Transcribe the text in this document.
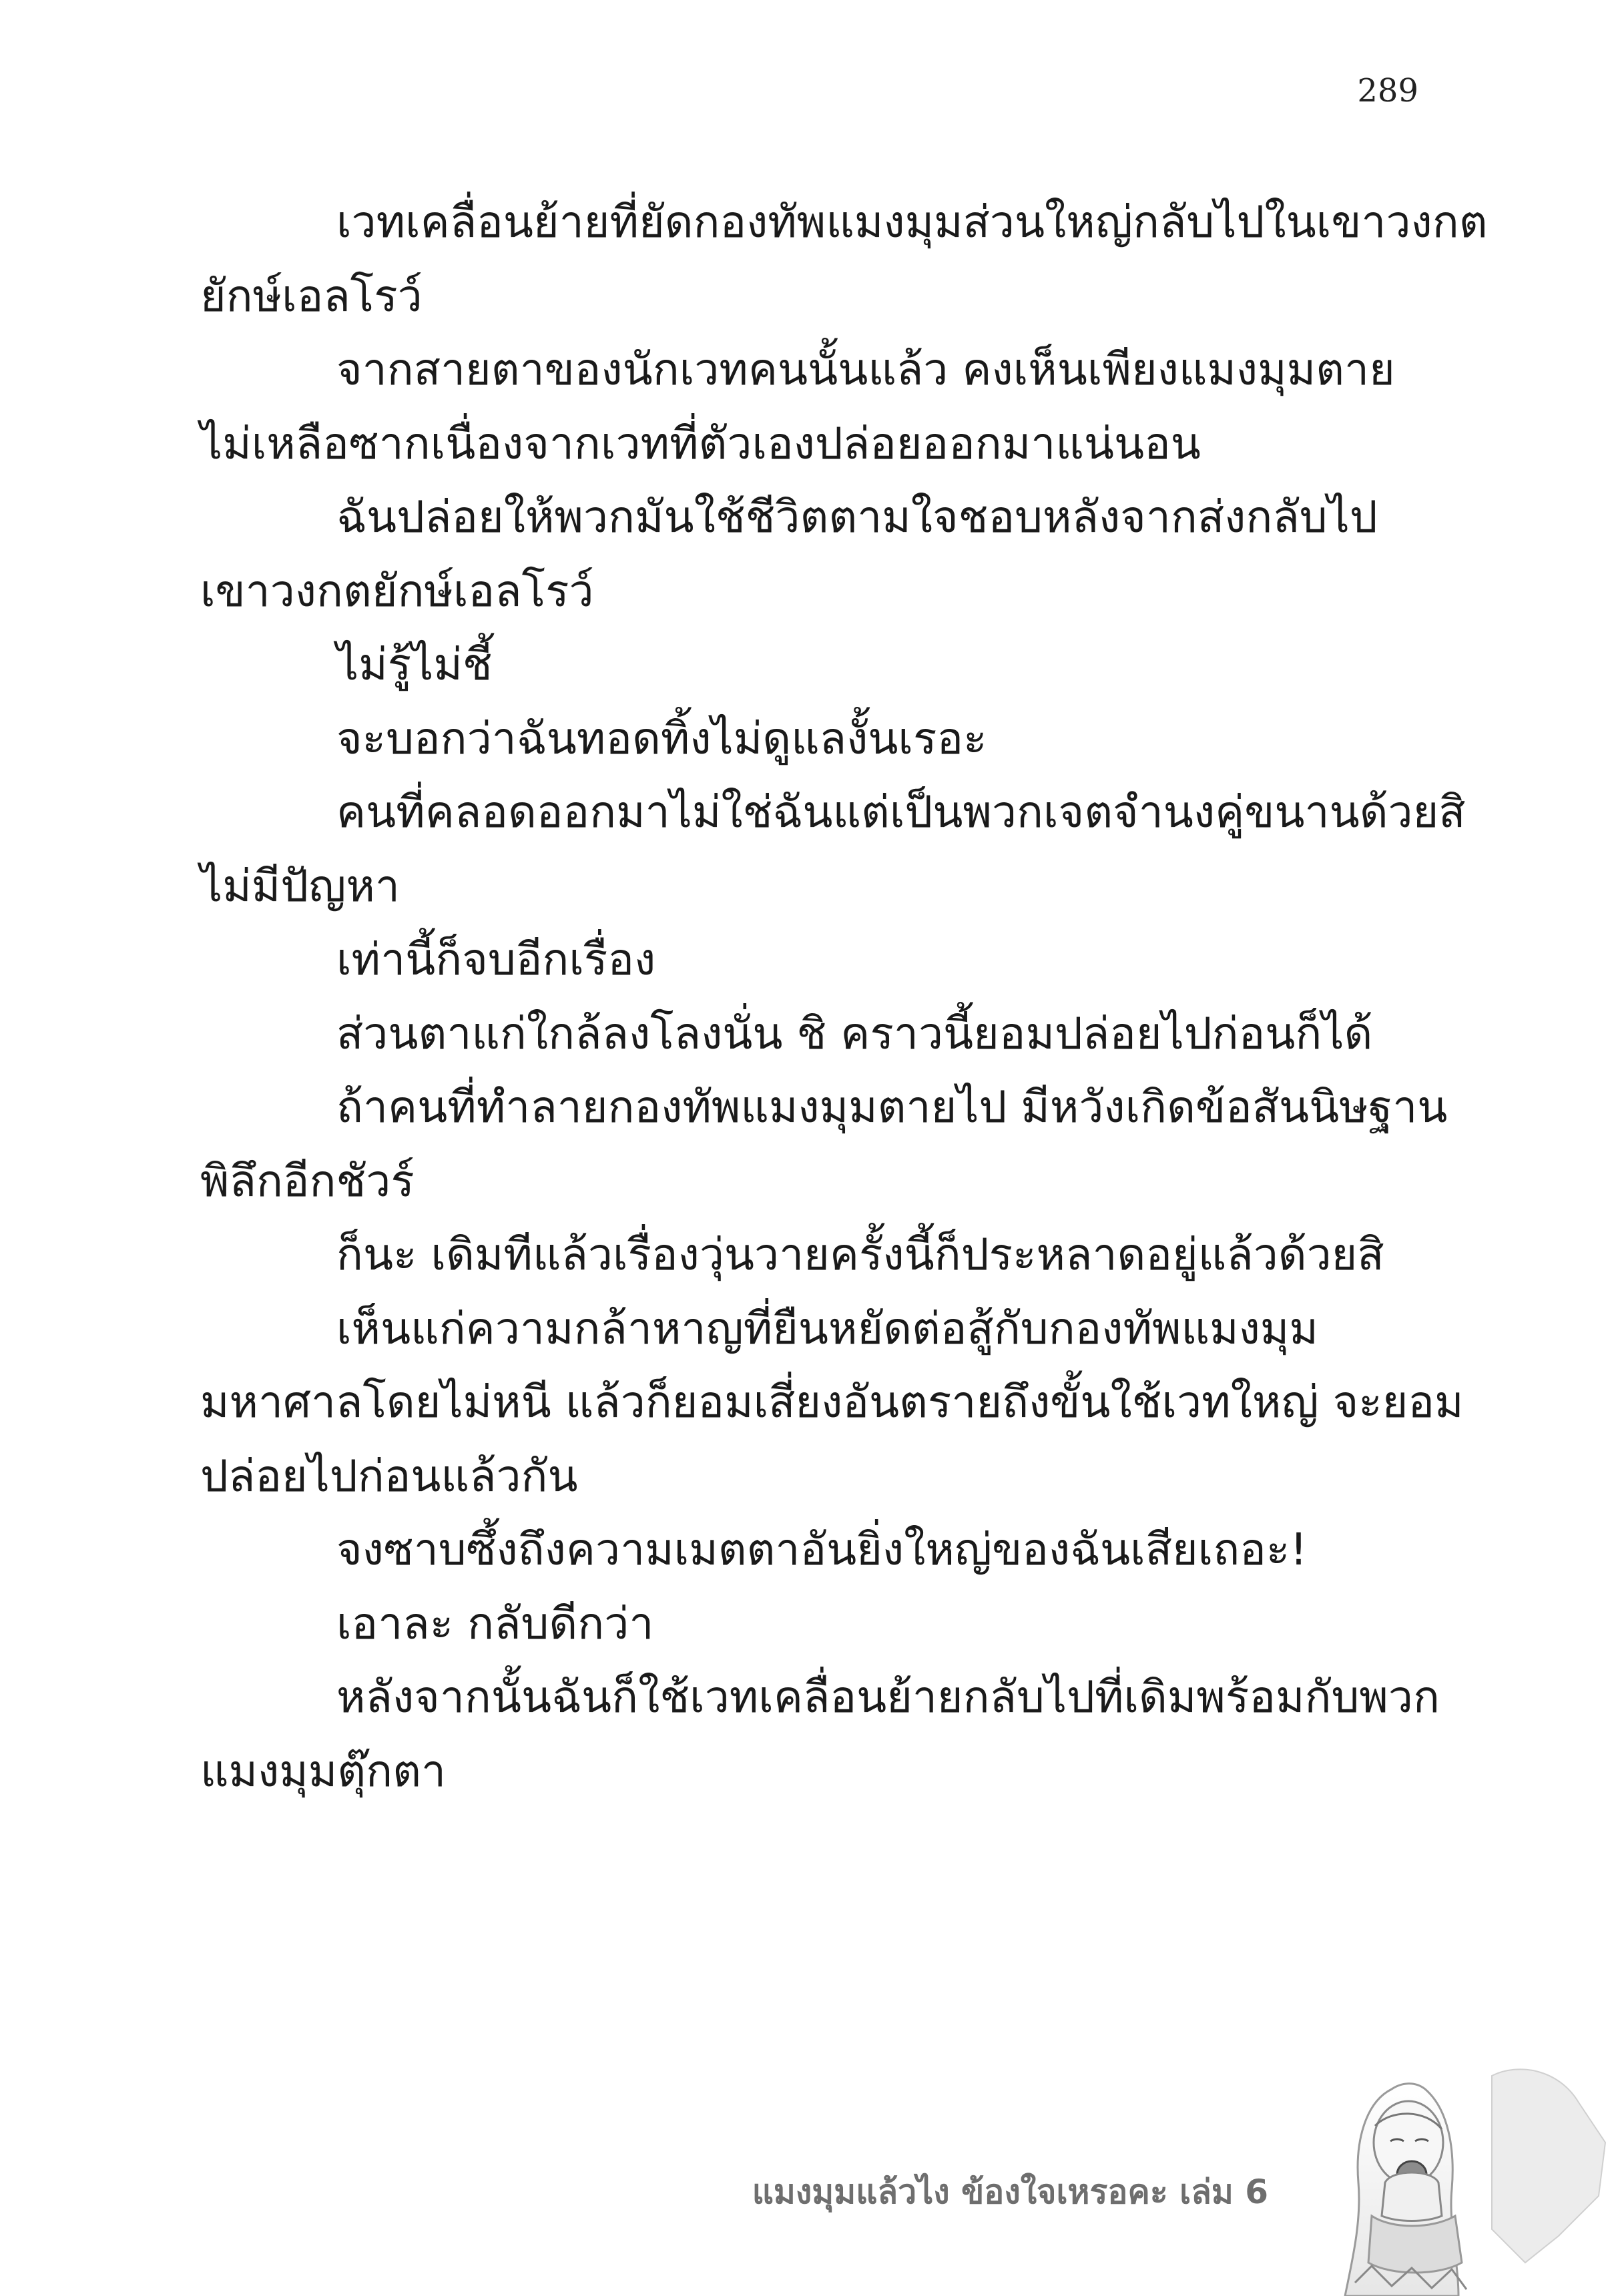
289
เวทเคลื่อนย้ายที่ยัดกองทัพแมงมุมส่วนใหญ่กลับไปในเขาวงกต
ยักษ์เอลโรว์
จากสายตาของนักเวทคนนั้นแล้ว คงเห็นเพียงแมงมุมตาย
ไม่เหลือซากเนื่องจากเวทที่ตัวเองปล่อยออกมาแน่นอน
ฉันปล่อยให้พวกมันใช้ชีวิตตามใจชอบหลังจากส่งกลับไป
เขาวงกตยักษ์เอลโรว์
ไม่รู้ไม่ชี้
จะบอกว่าฉันทอดทิ้งไม่ดูแลงั้นเรอะ
คนที่คลอดออกมาไม่ใช่ฉันแต่เป็นพวกเจตจำนงคู่ขนานด้วยสิ
ไม่มีปัญหา
เท่านี้ก็จบอีกเรื่อง
ส่วนตาแก่ใกล้ลงโลงนั่น ชิ คราวนี้ยอมปล่อยไปก่อนก็ได้
ถ้าคนที่ทำลายกองทัพแมงมุมตายไป มีหวังเกิดข้อสันนิษฐาน
พิลึกอีกชัวร์
ก็นะ เดิมทีแล้วเรื่องวุ่นวายครั้งนี้ก็ประหลาดอยู่แล้วด้วยสิ
เห็นแก่ความกล้าหาญที่ยืนหยัดต่อสู้กับกองทัพแมงมุม
มหาศาลโดยไม่หนี แล้วก็ยอมเสี่ยงอันตรายถึงขั้นใช้เวทใหญ่ จะยอม
ปล่อยไปก่อนแล้วกัน
จงซาบซึ้งถึงความเมตตาอันยิ่งใหญ่ของฉันเสียเถอะ!
เอาละ กลับดีกว่า
หลังจากนั้นฉันก็ใช้เวทเคลื่อนย้ายกลับไปที่เดิมพร้อมกับพวก
แมงมุมตุ๊กตา
แมงมุมแล้วไง ข้องใจเหรอคะ เล่ม 6
